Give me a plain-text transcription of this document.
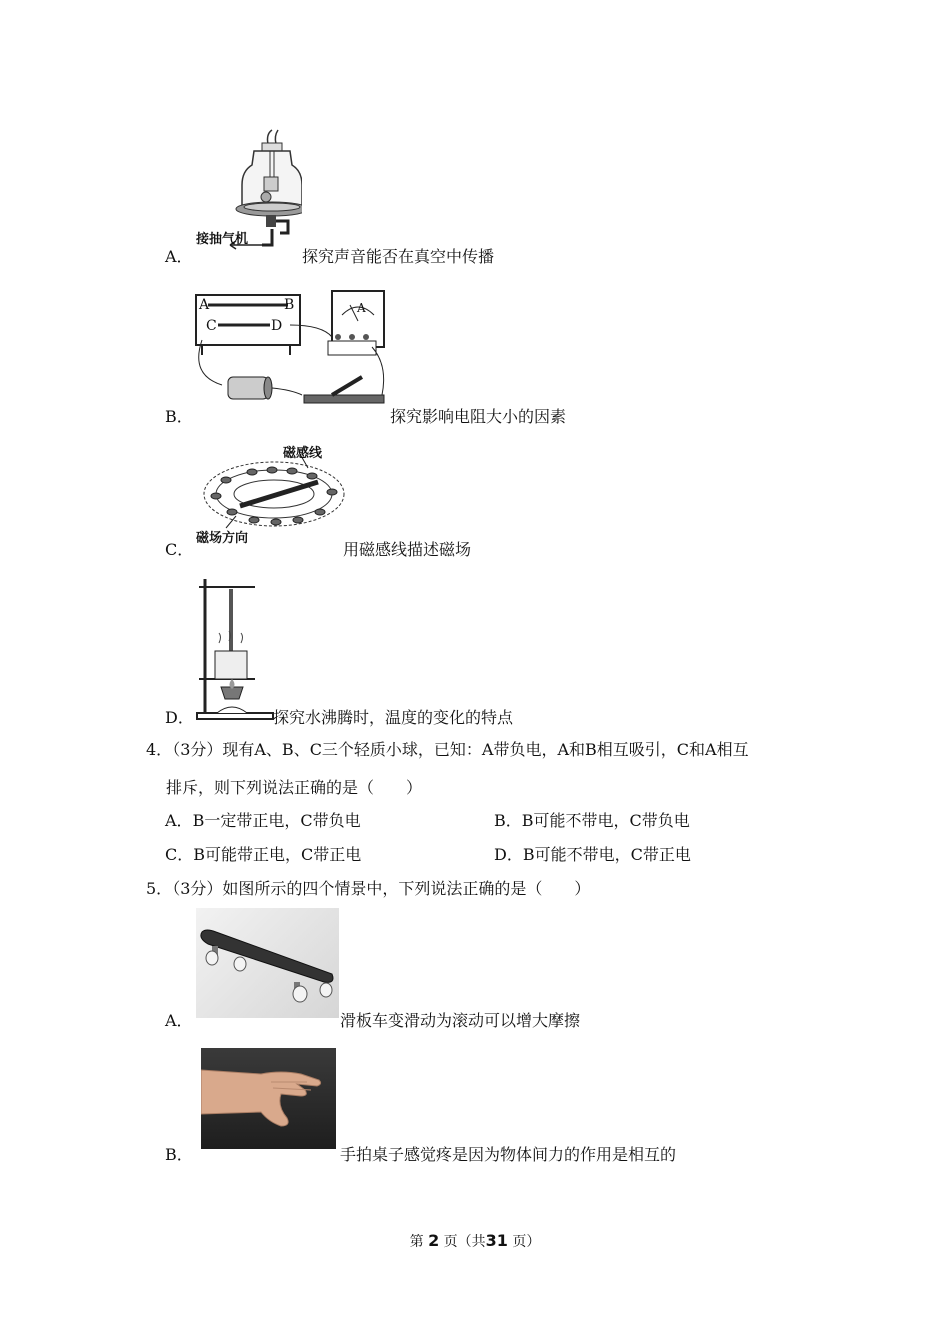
接抽气机
A．	探究声音能否在真空中传播
A	B
C	D
A
B．	探究影响电阻大小的因素
磁感线
磁场方向
C．	用磁感线描述磁场
D．	探究水沸腾时，温度的变化的特点
4．（3分）现有A、B、C三个轻质小球，已知：A带负电，A和B相互吸引，C和A相互
排斥，则下列说法正确的是（　　）
A．B一定带正电，C带负电	B．B可能不带电，C带负电
C．B可能带正电，C带正电	D．B可能不带电，C带正电
5．（3分）如图所示的四个情景中，下列说法正确的是（　　）
A．	滑板车变滑动为滚动可以增大摩擦
B．	手拍桌子感觉疼是因为物体间力的作用是相互的
第 2 页（共31 页）
